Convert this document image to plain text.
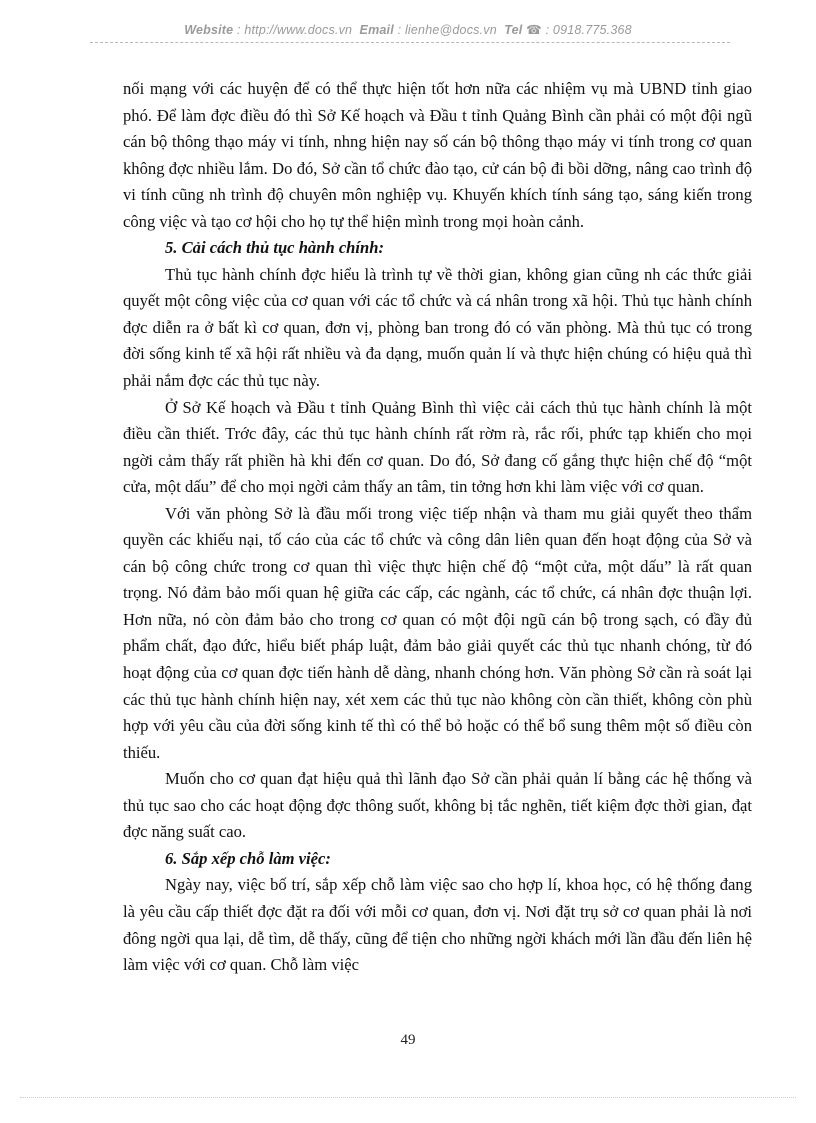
Website : http://www.docs.vn Email : lienhe@docs.vn Tel ☎ : 0918.775.368

nối mạng với các huyện để có thể thực hiện tốt hơn nữa các nhiệm vụ mà UBND tỉnh giao phó. Để làm đợc điều đó thì Sở Kế hoạch và Đầu t tỉnh Quảng Bình cần phải có một đội ngũ cán bộ thông thạo máy vi tính, nhng hiện nay số cán bộ thông thạo máy vi tính trong cơ quan không đợc nhiều lắm. Do đó, Sở cần tổ chức đào tạo, cử cán bộ đi bồi dỡng, nâng cao trình độ vi tính cũng nh trình độ chuyên môn nghiệp vụ. Khuyến khích tính sáng tạo, sáng kiến trong công việc và tạo cơ hội cho họ tự thể hiện mình trong mọi hoàn cảnh.

5. Cải cách thủ tục hành chính:

Thủ tục hành chính đợc hiểu là trình tự về thời gian, không gian cũng nh các thức giải quyết một công việc của cơ quan với các tổ chức và cá nhân trong xã hội. Thủ tục hành chính đợc diễn ra ở bất kì cơ quan, đơn vị, phòng ban trong đó có văn phòng. Mà thủ tục có trong đời sống kinh tế xã hội rất nhiều và đa dạng, muốn quản lí và thực hiện chúng có hiệu quả thì phải nắm đợc các thủ tục này.

Ở Sở Kế hoạch và Đầu t tỉnh Quảng Bình thì việc cải cách thủ tục hành chính là một điều cần thiết. Trớc đây, các thủ tục hành chính rất rờm rà, rắc rối, phức tạp khiến cho mọi ngời cảm thấy rất phiền hà khi đến cơ quan. Do đó, Sở đang cố gắng thực hiện chế độ “một cửa, một dấu” để cho mọi ngời cảm thấy an tâm, tin tởng hơn khi làm việc với cơ quan.

Với văn phòng Sở là đầu mối trong việc tiếp nhận và tham mu giải quyết theo thẩm quyền các khiếu nại, tố cáo của các tổ chức và công dân liên quan đến hoạt động của Sở và cán bộ công chức trong cơ quan thì việc thực hiện chế độ “một cửa, một dấu” là rất quan trọng. Nó đảm bảo mối quan hệ giữa các cấp, các ngành, các tổ chức, cá nhân đợc thuận lợi. Hơn nữa, nó còn đảm bảo cho trong cơ quan có một đội ngũ cán bộ trong sạch, có đầy đủ phẩm chất, đạo đức, hiểu biết pháp luật, đảm bảo giải quyết các thủ tục nhanh chóng, từ đó hoạt động của cơ quan đợc tiến hành dễ dàng, nhanh chóng hơn. Văn phòng Sở cần rà soát lại các thủ tục hành chính hiện nay, xét xem các thủ tục nào không còn cần thiết, không còn phù hợp với yêu cầu của đời sống kinh tế thì có thể bỏ hoặc có thể bổ sung thêm một số điều còn thiếu.

Muốn cho cơ quan đạt hiệu quả thì lãnh đạo Sở cần phải quản lí bằng các hệ thống và thủ tục sao cho các hoạt động đợc thông suốt, không bị tắc nghẽn, tiết kiệm đợc thời gian, đạt đợc năng suất cao.

6. Sắp xếp chỗ làm việc:

Ngày nay, việc bố trí, sắp xếp chỗ làm việc sao cho hợp lí, khoa học, có hệ thống đang là yêu cầu cấp thiết đợc đặt ra đối với mỗi cơ quan, đơn vị. Nơi đặt trụ sở cơ quan phải là nơi đông ngời qua lại, dễ tìm, dễ thấy, cũng để tiện cho những ngời khách mới lần đầu đến liên hệ làm việc với cơ quan. Chỗ làm việc

49
